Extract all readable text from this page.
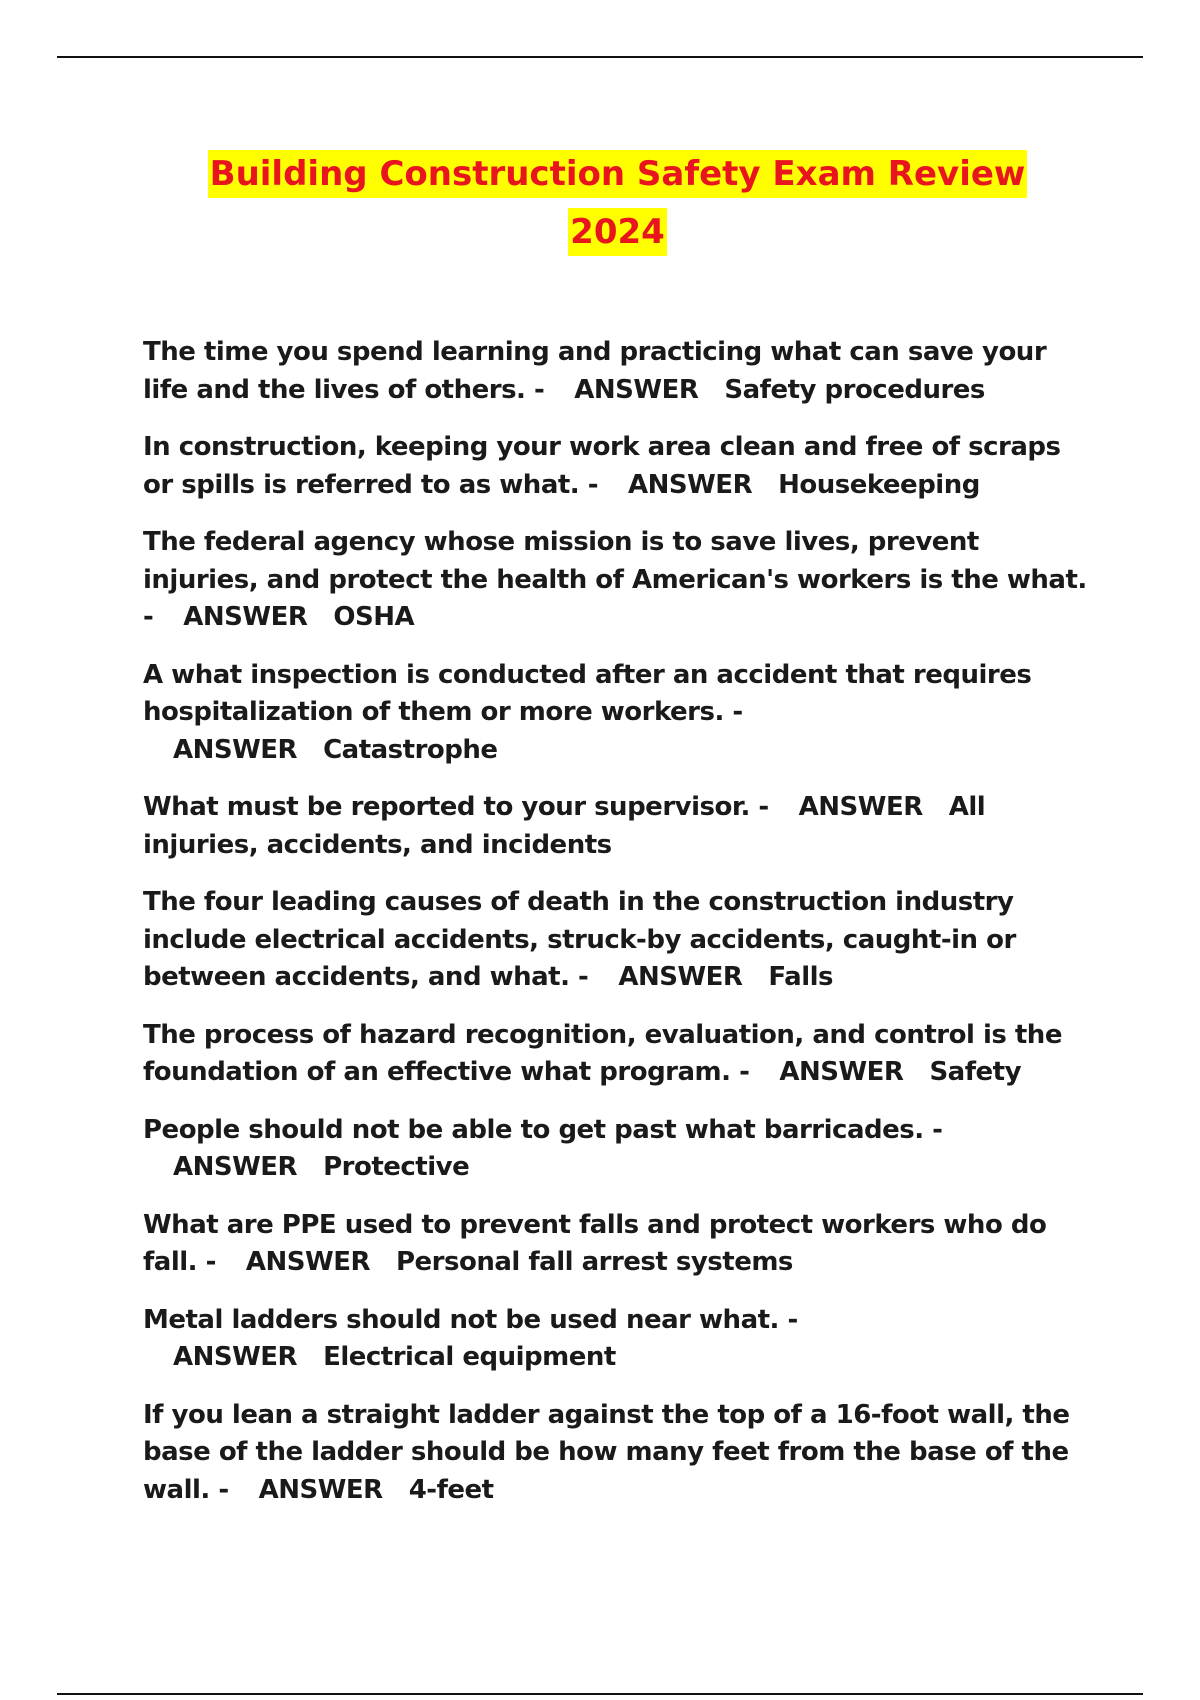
Building Construction Safety Exam Review
2024

The time you spend learning and practicing what can save your life and the lives of others. - ANSWER Safety procedures

In construction, keeping your work area clean and free of scraps or spills is referred to as what. - ANSWER Housekeeping

The federal agency whose mission is to save lives, prevent injuries, and protect the health of American's workers is the what. - ANSWER OSHA

A what inspection is conducted after an accident that requires hospitalization of them or more workers. -ANSWER Catastrophe

What must be reported to your supervisor. - ANSWER All injuries, accidents, and incidents

The four leading causes of death in the construction industry include electrical accidents, struck-by accidents, caught-in or between accidents, and what. - ANSWER Falls

The process of hazard recognition, evaluation, and control is the foundation of an effective what program. - ANSWER Safety

People should not be able to get past what barricades. -ANSWER Protective

What are PPE used to prevent falls and protect workers who do fall. - ANSWER Personal fall arrest systems

Metal ladders should not be used near what. -ANSWER Electrical equipment

If you lean a straight ladder against the top of a 16-foot wall, the base of the ladder should be how many feet from the base of the wall. - ANSWER 4-feet
